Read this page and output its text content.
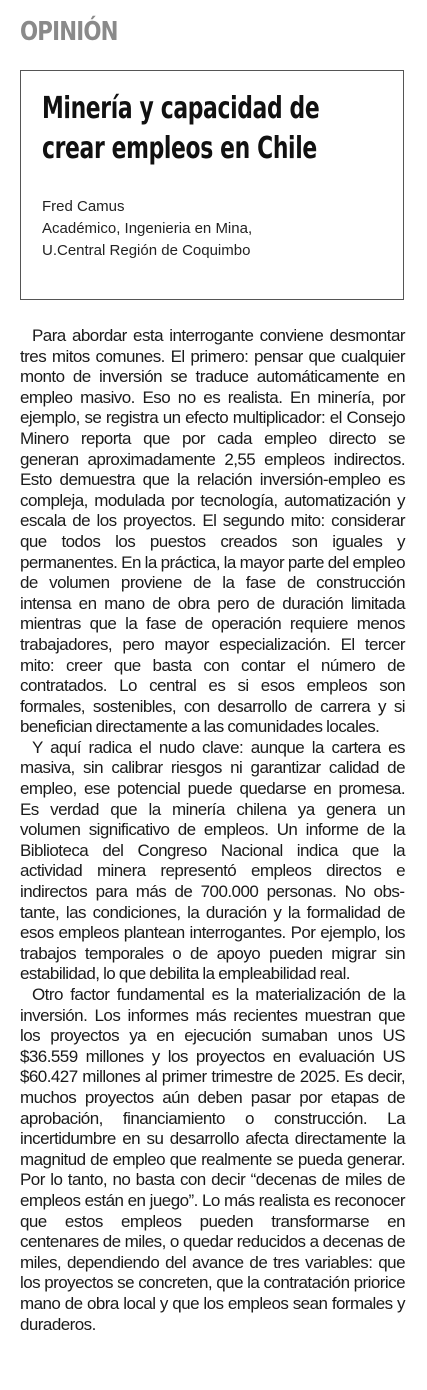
OPINIÓN
Minería y capacidad de
crear empleos en Chile
Fred Camus
Académico, Ingenieria en Mina,
U.Central Región de Coquimbo

Para abordar esta interrogante conviene desmontar tres mitos comunes. El primero: pensar que cualquier monto de inversión se traduce automáticamente en empleo masivo. Eso no es realista. En minería, por ejemplo, se registra un efecto multiplicador: el Consejo Minero reporta que por cada empleo directo se generan aproximadamente 2,55 empleos indirectos. Esto demuestra que la relación inversión-empleo es compleja, modulada por tecnología, automatización y escala de los proyectos. El segundo mito: considerar que todos los puestos creados son iguales y permanentes. En la práctica, la mayor parte del empleo de volumen proviene de la fase de construcción intensa en mano de obra pero de duración limitada mientras que la fase de operación requiere menos trabajadores, pero mayor especialización. El tercer mito: creer que basta con contar el número de contratados. Lo central es si esos empleos son formales, sostenibles, con desarrollo de carrera y si benefician directamente a las comunidades locales.

Y aquí radica el nudo clave: aunque la cartera es masiva, sin calibrar riesgos ni garantizar calidad de empleo, ese potencial puede quedarse en promesa. Es verdad que la minería chilena ya genera un volumen significativo de empleos. Un informe de la Biblioteca del Congreso Nacional indica que la actividad minera representó empleos directos e indirectos para más de 700.000 personas. No obstante, las condiciones, la duración y la formalidad de esos empleos plantean interrogantes. Por ejemplo, los trabajos temporales o de apoyo pueden migrar sin estabilidad, lo que debilita la empleabilidad real.

Otro factor fundamental es la materialización de la inversión. Los informes más recientes muestran que los proyectos ya en ejecución sumaban unos US $36.559 millones y los proyectos en evaluación US $60.427 millones al primer trimestre de 2025. Es decir, muchos proyectos aún deben pasar por etapas de aprobación, financiamiento o construcción. La incertidumbre en su desarrollo afecta directamente la magnitud de empleo que realmente se pueda generar. Por lo tanto, no basta con decir “decenas de miles de empleos están en juego”. Lo más realista es reconocer que estos empleos pueden transformarse en centenares de miles, o quedar reducidos a decenas de miles, dependiendo del avance de tres variables: que los proyectos se concreten, que la contratación priorice mano de obra local y que los empleos sean formales y duraderos.
